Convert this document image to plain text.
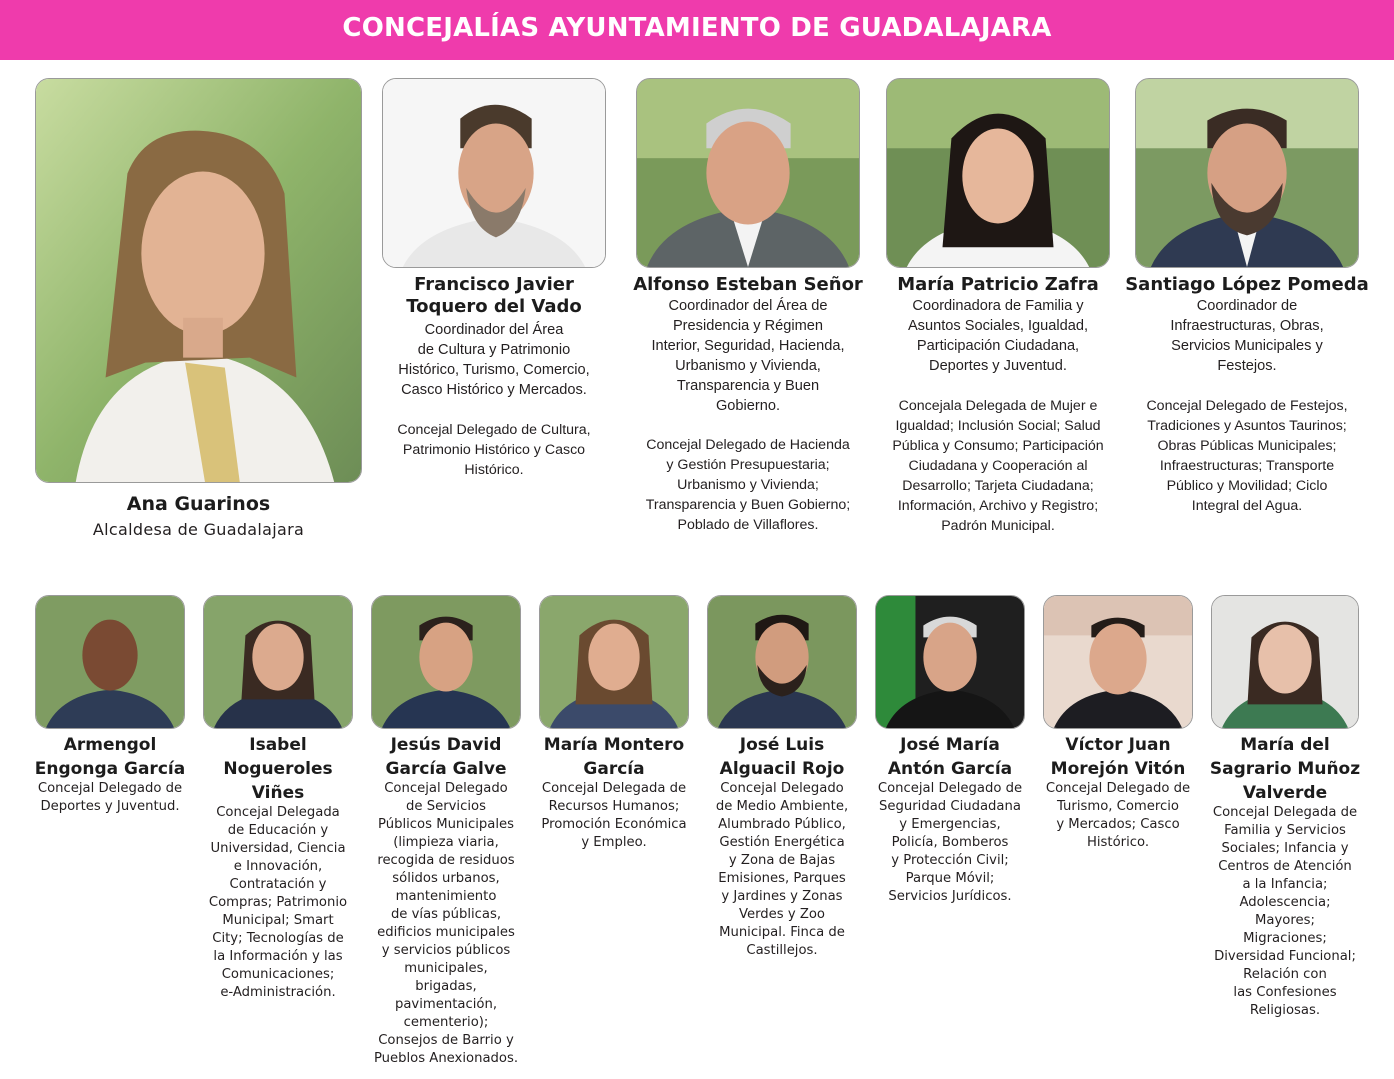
CONCEJALÍAS AYUNTAMIENTO DE GUADALAJARA
Ana Guarinos
Alcaldesa de Guadalajara
Francisco Javier
Toquero del Vado
Coordinador del Área
de Cultura y Patrimonio
Histórico, Turismo, Comercio,
Casco Histórico y Mercados.
Concejal Delegado de Cultura,
Patrimonio Histórico y Casco
Histórico.
Alfonso Esteban Señor
Coordinador del Área de
Presidencia y Régimen
Interior, Seguridad, Hacienda,
Urbanismo y Vivienda,
Transparencia y Buen
Gobierno.
Concejal Delegado de Hacienda
y Gestión Presupuestaria;
Urbanismo y Vivienda;
Transparencia y Buen Gobierno;
Poblado de Villaflores.
María Patricio Zafra
Coordinadora de Familia y
Asuntos Sociales, Igualdad,
Participación Ciudadana,
Deportes y Juventud.
Concejala Delegada de Mujer e
Igualdad; Inclusión Social; Salud
Pública y Consumo; Participación
Ciudadana y Cooperación al
Desarrollo; Tarjeta Ciudadana;
Información, Archivo y Registro;
Padrón Municipal.
Santiago López Pomeda
Coordinador de
Infraestructuras, Obras,
Servicios Municipales y
Festejos.
Concejal Delegado de Festejos,
Tradiciones y Asuntos Taurinos;
Obras Públicas Municipales;
Infraestructuras; Transporte
Público y Movilidad; Ciclo
Integral del Agua.
Armengol
Engonga García
Concejal Delegado de
Deportes y Juventud.
Isabel
Nogueroles
Viñes
Concejal Delegada
de Educación y
Universidad, Ciencia
e Innovación,
Contratación y
Compras; Patrimonio
Municipal; Smart
City; Tecnologías de
la Información y las
Comunicaciones;
e-Administración.
Jesús David
García Galve
Concejal Delegado
de Servicios
Públicos Municipales
(limpieza viaria,
recogida de residuos
sólidos urbanos,
mantenimiento
de vías públicas,
edificios municipales
y servicios públicos
municipales,
brigadas,
pavimentación,
cementerio);
Consejos de Barrio y
Pueblos Anexionados.
María Montero
García
Concejal Delegada de
Recursos Humanos;
Promoción Económica
y Empleo.
José Luis
Alguacil Rojo
Concejal Delegado
de Medio Ambiente,
Alumbrado Público,
Gestión Energética
y Zona de Bajas
Emisiones, Parques
y Jardines y Zonas
Verdes y Zoo
Municipal. Finca de
Castillejos.
José María
Antón García
Concejal Delegado de
Seguridad Ciudadana
y Emergencias,
Policía, Bomberos
y Protección Civil;
Parque Móvil;
Servicios Jurídicos.
Víctor Juan
Morejón Vitón
Concejal Delegado de
Turismo, Comercio
y Mercados; Casco
Histórico.
María del
Sagrario Muñoz
Valverde
Concejal Delegada de
Familia y Servicios
Sociales; Infancia y
Centros de Atención
a la Infancia;
Adolescencia;
Mayores;
Migraciones;
Diversidad Funcional;
Relación con
las Confesiones
Religiosas.
